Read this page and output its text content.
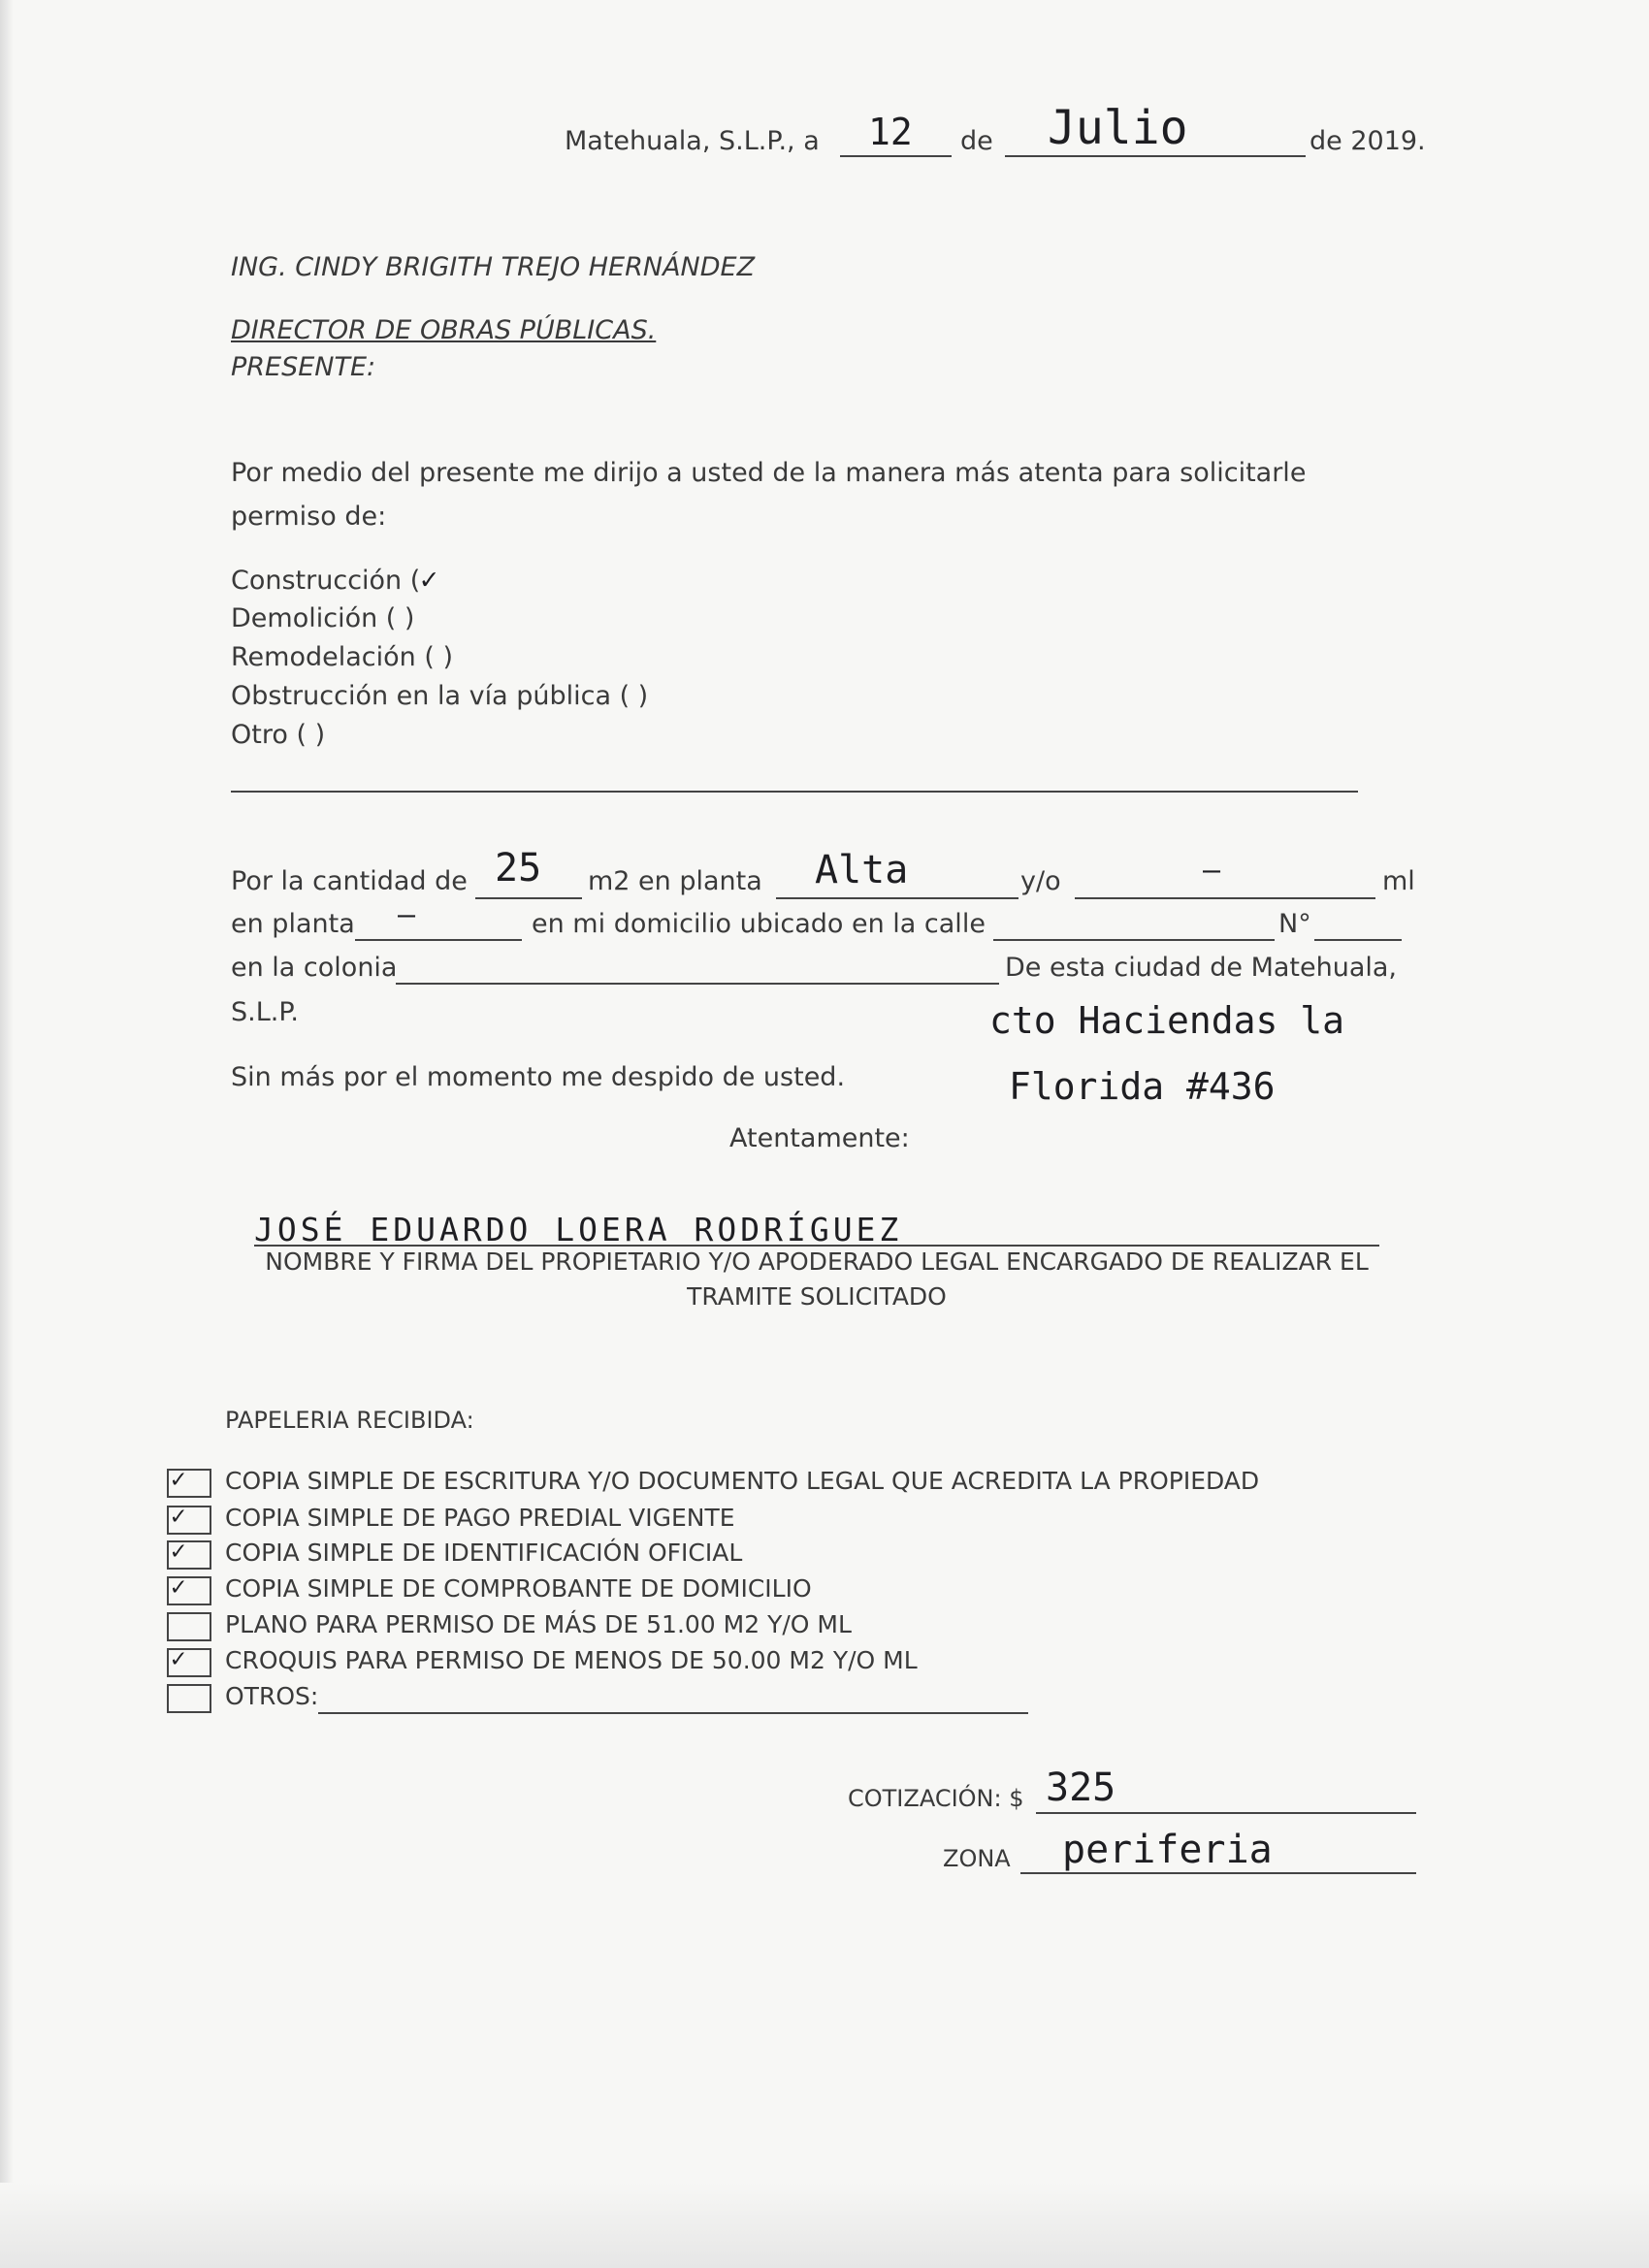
Matehuala, S.L.P., a 12 de Julio	de 2019.
ING. CINDY BRIGITH TREJO HERNÁNDEZ
DIRECTOR DE OBRAS PÚBLICAS.
PRESENTE:
Por medio del presente me dirijo a usted de la manera más atenta para solicitarle
permiso de:
Construcción (✓
Demolición ( )
Remodelación ( )
Obstrucción en la vía pública ( )
Otro ( )
Por la cantidad de 25 m2 en planta Alta	y/o	—	ml
en planta —	en mi domicilio ubicado en la calle	N°
en la colonia	De esta ciudad de Matehuala,
S.L.P.	cto Haciendas la
Florida #436
Sin más por el momento me despido de usted.
Atentamente:
JOSÉ EDUARDO LOERA RODRÍGUEZ
NOMBRE Y FIRMA DEL PROPIETARIO Y/O APODERADO LEGAL ENCARGADO DE REALIZAR EL
TRAMITE SOLICITADO
PAPELERIA RECIBIDA:
✓ COPIA SIMPLE DE ESCRITURA Y/O DOCUMENTO LEGAL QUE ACREDITA LA PROPIEDAD
✓ COPIA SIMPLE DE PAGO PREDIAL VIGENTE
✓ COPIA SIMPLE DE IDENTIFICACIÓN OFICIAL
✓ COPIA SIMPLE DE COMPROBANTE DE DOMICILIO
PLANO PARA PERMISO DE MÁS DE 51.00 M2 Y/O ML
✓ CROQUIS PARA PERMISO DE MENOS DE 50.00 M2 Y/O ML
OTROS:
COTIZACIÓN: $ 325
ZONA periferia
